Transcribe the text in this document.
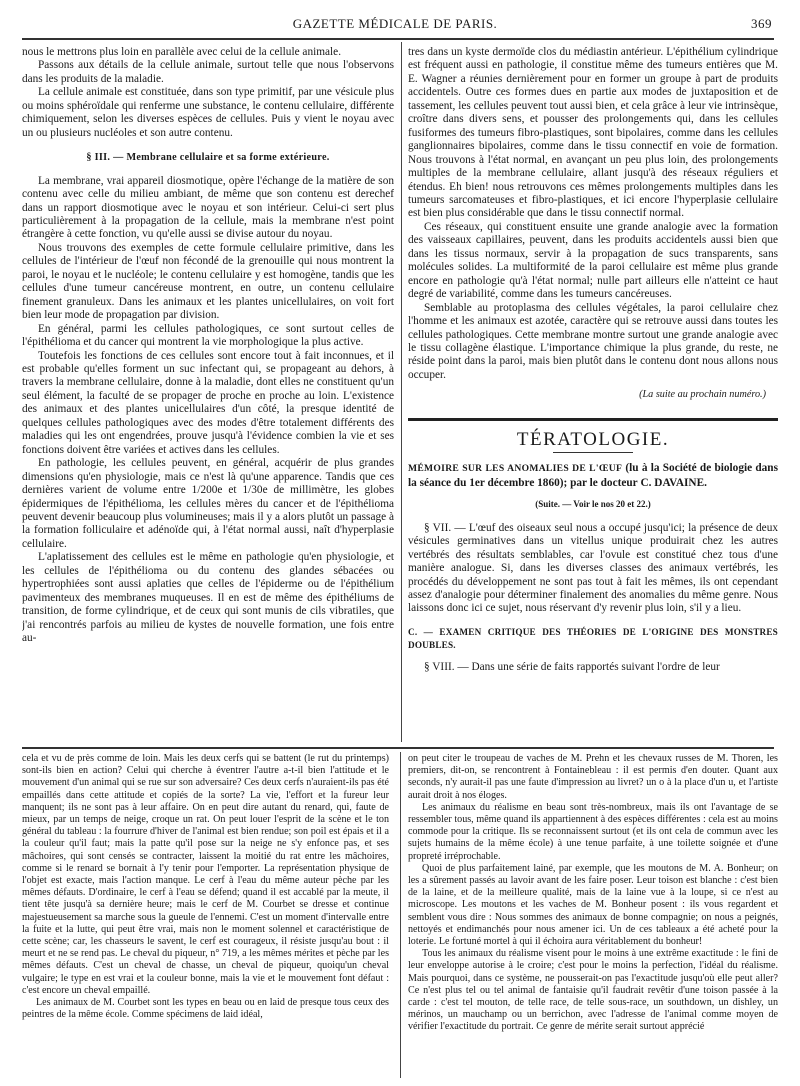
GAZETTE MÉDICALE DE PARIS.	369

nous le mettrons plus loin en parallèle avec celui de la cellule animale.

Passons aux détails de la cellule animale, surtout telle que nous l'observons dans les produits de la maladie.

La cellule animale est constituée, dans son type primitif, par une vésicule plus ou moins sphéroïdale qui renferme une substance, le contenu cellulaire, différente chimiquement, selon les diverses espèces de cellules. Puis y vient le noyau avec un ou plusieurs nucléoles et son autre contenu.

§ III. — Membrane cellulaire et sa forme extérieure.

La membrane, vrai appareil diosmotique, opère l'échange de la matière de son contenu avec celle du milieu ambiant, de même que son contenu est derechef dans un rapport diosmotique avec le noyau et son intérieur. Celui-ci sert plus particulièrement à la propagation de la cellule, mais la membrane n'est point étrangère à cette fonction, vu qu'elle aussi se divise autour du noyau.

Nous trouvons des exemples de cette formule cellulaire primitive, dans les cellules de l'intérieur de l'œuf non fécondé de la grenouille qui nous montrent la paroi, le noyau et le nucléole; le contenu cellulaire y est homogène, tandis que les cellules d'une tumeur cancéreuse montrent, en outre, un contenu cellulaire finement granuleux. Dans les animaux et les plantes unicellulaires, on voit fort bien leur mode de propagation par division.

En général, parmi les cellules pathologiques, ce sont surtout celles de l'épithélioma et du cancer qui montrent la vie morphologique la plus active.

Toutefois les fonctions de ces cellules sont encore tout à fait inconnues, et il est probable qu'elles forment un suc infectant qui, se propageant au dehors, à travers la membrane cellulaire, donne à la maladie, dont elles ne constituent qu'un seul élément, la faculté de se propager de proche en proche au loin. L'existence des animaux et des plantes unicellulaires d'un côté, la presque identité de quelques cellules pathologiques avec des modes d'être totalement différents des maladies qui les ont engendrées, prouve jusqu'à l'évidence combien la vie et ses fonctions doivent être variées et actives dans les cellules.

En pathologie, les cellules peuvent, en général, acquérir de plus grandes dimensions qu'en physiologie, mais ce n'est là qu'une apparence. Tandis que ces dernières varient de volume entre 1/200e et 1/30e de millimètre, les globes épidermiques de l'épithélioma, les cellules mères du cancer et de l'épithélioma peuvent devenir beaucoup plus volumineuses; mais il y a alors plutôt un passage à la formation folliculaire et adénoïde qui, à l'état normal aussi, naît d'hyperplasie cellulaire.

L'aplatissement des cellules est le même en pathologie qu'en physiologie, et les cellules de l'épithélioma ou du contenu des glandes sébacées ou hypertrophiées sont aussi aplaties que celles de l'épiderme ou de l'épithélium pavimenteux des membranes muqueuses. Il en est de même des épithéliums de transition, de forme cylindrique, et de ceux qui sont munis de cils vibratiles, que j'ai rencontrés parfois au milieu de kystes de nouvelle formation, une fois entre au-

tres dans un kyste dermoïde clos du médiastin antérieur. L'épithélium cylindrique est fréquent aussi en pathologie, il constitue même des tumeurs entières que M. E. Wagner a réunies dernièrement pour en former un groupe à part de produits accidentels. Outre ces formes dues en partie aux modes de juxtaposition et de tassement, les cellules peuvent tout aussi bien, et cela grâce à leur vie intrinsèque, croître dans divers sens, et pousser des prolongements qui, dans les cellules fusiformes des tumeurs fibro-plastiques, sont bipolaires, comme dans les cellules ganglionnaires bipolaires, comme dans le tissu connectif en voie de formation. Nous trouvons à l'état normal, en avançant un peu plus loin, des prolongements multiples de la membrane cellulaire, allant jusqu'à des réseaux réguliers et étendus. Eh bien! nous retrouvons ces mêmes prolongements multiples dans les tumeurs sarcomateuses et fibro-plastiques, et ici encore l'hyperplasie cellulaire est bien plus considérable que dans le tissu connectif normal.

Ces réseaux, qui constituent ensuite une grande analogie avec la formation des vaisseaux capillaires, peuvent, dans les produits accidentels aussi bien que dans les tissus normaux, servir à la propagation de sucs transparents, sans molécules solides. La multiformité de la paroi cellulaire est même plus grande encore en pathologie qu'à l'état normal; nulle part ailleurs elle n'atteint ce haut degré de variabilité, comme dans les tumeurs cancéreuses.

Semblable au protoplasma des cellules végétales, la paroi cellulaire chez l'homme et les animaux est azotée, caractère qui se retrouve aussi dans toutes les cellules pathologiques. Cette membrane montre surtout une grande analogie avec le tissu collagène élastique. L'importance chimique la plus grande, du reste, ne réside point dans la paroi, mais bien plutôt dans le contenu dont nous allons nous occuper.

(La suite au prochain numéro.)
TÉRATOLOGIE.
MÉMOIRE SUR LES ANOMALIES DE L'ŒUF (lu à la Société de biologie dans la séance du 1er décembre 1860); par le docteur C. DAVAINE.
(Suite. — Voir le nos 20 et 22.)

§ VII. — L'œuf des oiseaux seul nous a occupé jusqu'ici; la présence de deux vésicules germinatives dans un vitellus unique produirait chez les autres vertébrés des résultats semblables, car l'ovule est constitué chez tous d'une manière analogue. Si, dans les diverses classes des animaux vertébrés, les procédés du développement ne sont pas tout à fait les mêmes, ils ont cependant assez d'analogie pour déterminer finalement des anomalies du même genre. Nous laissons donc ici ce sujet, nous réservant d'y revenir plus loin, s'il y a lieu.

C. — EXAMEN CRITIQUE DES THÉORIES DE L'ORIGINE DES MONSTRES DOUBLES.

§ VIII. — Dans une série de faits rapportés suivant l'ordre de leur

cela et vu de près comme de loin. Mais les deux cerfs qui se battent (le rut du printemps) sont-ils bien en action? Celui qui cherche à éventrer l'autre a-t-il bien l'attitude et le mouvement d'un animal qui se rue sur son adversaire? Ces deux cerfs n'auraient-ils pas été empaillés dans cette attitude et copiés de la sorte? La vie, l'effort et la fureur leur manquent; ils ne sont pas à leur affaire. On en peut dire autant du renard, qui, faute de mieux, par un temps de neige, croque un rat. On peut louer l'esprit de la scène et le ton général du tableau : la fourrure d'hiver de l'animal est bien rendue; son poil est épais et il a la couleur qu'il faut; mais la patte qu'il pose sur la neige ne s'y enfonce pas, et ses mâchoires, qui sont censés se contracter, laissent la moitié du rat entre les mâchoires, comme si le renard se bornait à l'y tenir pour l'emporter. La représentation physique de l'objet est exacte, mais l'action manque. Le cerf à l'eau du même auteur pèche par les mêmes défauts. D'ordinaire, le cerf à l'eau se défend; quand il est accablé par la meute, il tient tête jusqu'à sa dernière heure; mais le cerf de M. Courbet se dresse et continue majestueusement sa marche sous la gueule de l'ennemi. C'est un moment d'intervalle entre la fuite et la lutte, qui peut être vrai, mais non le moment solennel et caractéristique de cette scène; car, les chasseurs le savent, le cerf est courageux, il résiste jusqu'au bout : il meurt et ne se rend pas. Le cheval du piqueur, n° 719, a les mêmes mérites et pèche par les mêmes défauts. C'est un cheval de chasse, un cheval de piqueur, quoiqu'un cheval vulgaire; le type en est vrai et la couleur bonne, mais la vie et le mouvement font défaut : c'est encore un cheval empaillé.

Les animaux de M. Courbet sont les types en beau ou en laid de presque tous ceux des peintres de la même école. Comme spécimens de laid idéal,

on peut citer le troupeau de vaches de M. Prehn et les chevaux russes de M. Thoren, les premiers, dit-on, se rencontrent à Fontainebleau : il est permis d'en douter. Quant aux seconds, n'y aurait-il pas une faute d'impression au livret? un o à la place d'un u, et l'artiste aurait droit à nos éloges.

Les animaux du réalisme en beau sont très-nombreux, mais ils ont l'avantage de se ressembler tous, même quand ils appartiennent à des espèces différentes : cela est au moins commode pour la critique. Ils se reconnaissent surtout (et ils ont cela de commun avec les sujets humains de la même école) à une tenue parfaite, à une toilette soignée et d'une propreté irréprochable.

Quoi de plus parfaitement lainé, par exemple, que les moutons de M. A. Bonheur; on les a sûrement passés au lavoir avant de les faire poser. Leur toison est blanche : c'est bien de la laine, et de la meilleure qualité, mais de la laine vue à la loupe, si ce n'est au microscope. Les moutons et les vaches de M. Bonheur posent : ils vous regardent et semblent vous dire : Nous sommes des animaux de bonne compagnie; on nous a peignés, nettoyés et endimanchés pour nous amener ici. Un de ces tableaux a été acheté pour la loterie. Le fortuné mortel à qui il échoira aura véritablement du bonheur!

Tous les animaux du réalisme visent pour le moins à une extrême exactitude : le fini de leur enveloppe autorise à le croire; c'est pour le moins la perfection, l'idéal du réalisme. Mais pourquoi, dans ce système, ne pousserait-on pas l'exactitude jusqu'où elle peut aller? Ce n'est plus tel ou tel animal de fantaisie qu'il faudrait revêtir d'une toison passée à la carde : c'est tel mouton, de telle race, de telle sous-race, un southdown, un dishley, un mérinos, un mauchamp ou un berrichon, avec l'adresse de l'animal comme moyen de vérifier l'exactitude du portrait. Ce genre de mérite serait surtout apprécié
